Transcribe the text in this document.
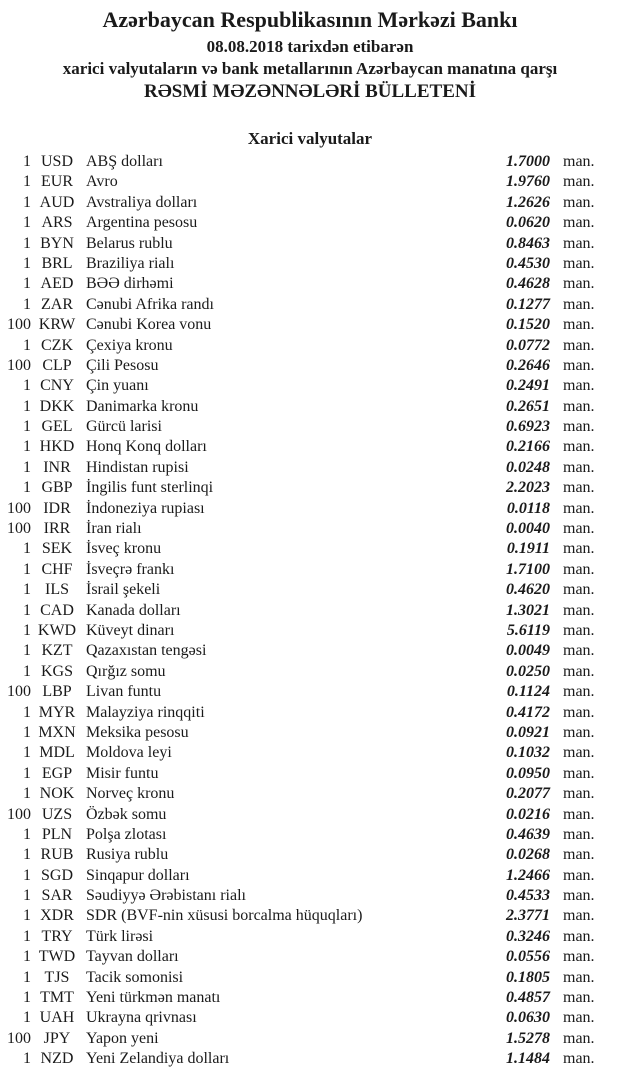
Azərbaycan Respublikasının Mərkəzi Bankı
08.08.2018 tarixdən etibarən
xarici valyutaların və bank metallarının Azərbaycan manatına qarşı
RƏSMİ MƏZƏNNƏLƏRİ BÜLLETENİ
Xarici valyutalar
1 USD ABŞ dolları	1.7000 man.
1 EUR Avro	1.9760 man.
1 AUD Avstraliya dolları	1.2626 man.
1 ARS Argentina pesosu	0.0620 man.
1 BYN Belarus rublu	0.8463 man.
1 BRL Braziliya rialı	0.4530 man.
1 AED BƏƏ dirhəmi	0.4628 man.
1 ZAR Cənubi Afrika randı	0.1277 man.
100 KRW Cənubi Korea vonu	0.1520 man.
1 CZK Çexiya kronu	0.0772 man.
100 CLP Çili Pesosu	0.2646 man.
1 CNY Çin yuanı	0.2491 man.
1 DKK Danimarka kronu	0.2651 man.
1 GEL Gürcü larisi	0.6923 man.
1 HKD Honq Konq dolları	0.2166 man.
1 INR Hindistan rupisi	0.0248 man.
1 GBP İngilis funt sterlinqi	2.2023 man.
100 IDR İndoneziya rupiası	0.0118 man.
100 IRR İran rialı	0.0040 man.
1 SEK İsveç kronu	0.1911 man.
1 CHF İsveçrə frankı	1.7100 man.
1 ILS	İsrail şekeli	0.4620 man.
1 CAD Kanada dolları	1.3021 man.
1 KWD Küveyt dinarı	5.6119 man.
1 KZT Qazaxıstan tengəsi	0.0049 man.
1 KGS Qırğız somu	0.0250 man.
100 LBP Livan funtu	0.1124 man.
1 MYR Malayziya rinqqiti	0.4172 man.
1 MXN Meksika pesosu	0.0921 man.
1 MDL Moldova leyi	0.1032 man.
1 EGP Misir funtu	0.0950 man.
1 NOK Norveç kronu	0.2077 man.
100 UZS Özbək somu	0.0216 man.
1 PLN Polşa zlotası	0.4639 man.
1 RUB Rusiya rublu	0.0268 man.
1 SGD Sinqapur dolları	1.2466 man.
1 SAR Səudiyyə Ərəbistanı rialı	0.4533 man.
1 XDR SDR (BVF-nin xüsusi borcalma hüquqları)	2.3771 man.
1 TRY Türk lirəsi	0.3246 man.
1 TWD Tayvan dolları	0.0556 man.
1 TJS	Tacik somonisi	0.1805 man.
1 TMT Yeni türkmən manatı	0.4857 man.
1 UAH Ukrayna qrivnası	0.0630 man.
100 JPY Yapon yeni	1.5278 man.
1 NZD Yeni Zelandiya dolları	1.1484 man.
